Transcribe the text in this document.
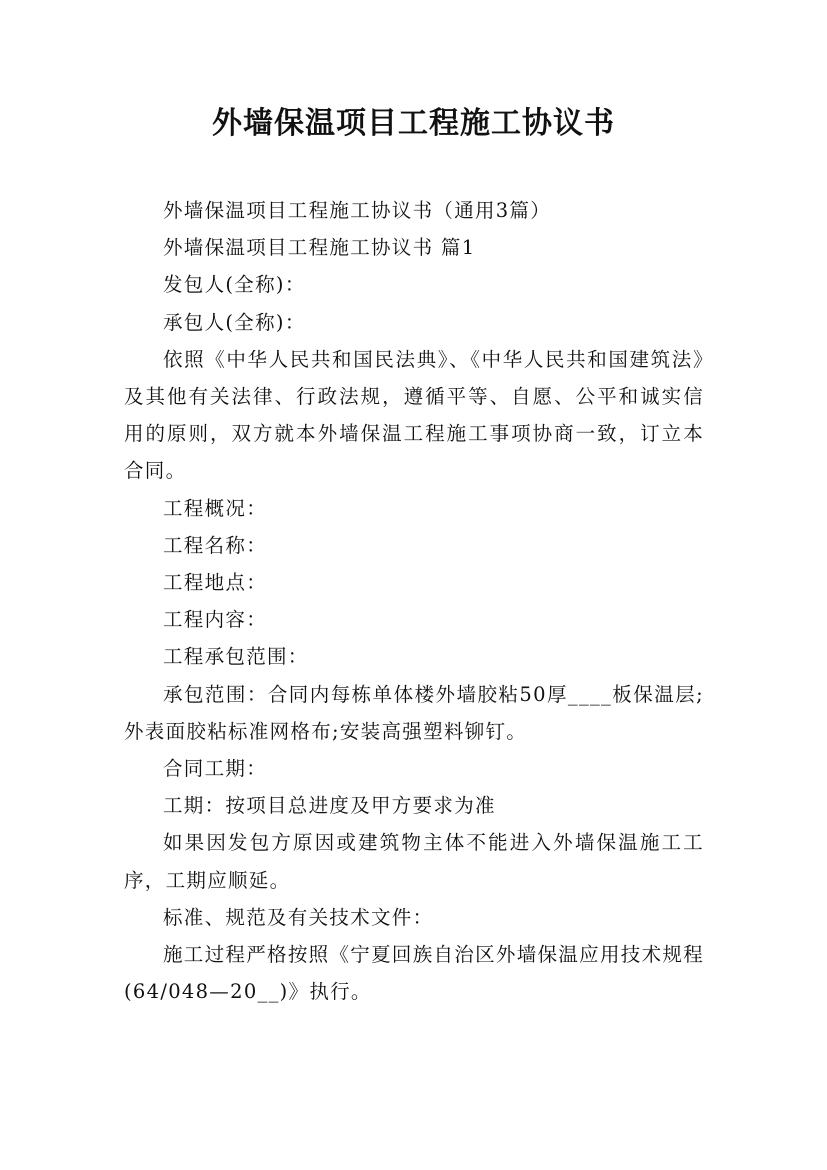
外墙保温项目工程施工协议书

外墙保温项目工程施工协议书（通用3篇）

外墙保温项目工程施工协议书 篇1

发包人(全称)：

承包人(全称)：

依照《中华人民共和国民法典》、《中华人民共和国建筑法》及其他有关法律、行政法规，遵循平等、自愿、公平和诚实信用的原则，双方就本外墙保温工程施工事项协商一致，订立本合同。

工程概况：

工程名称：

工程地点：

工程内容：

工程承包范围：

承包范围：合同内每栋单体楼外墙胶粘50厚____板保温层;外表面胶粘标准网格布;安装高强塑料铆钉。

合同工期：

工期：按项目总进度及甲方要求为准

如果因发包方原因或建筑物主体不能进入外墙保温施工工序，工期应顺延。

标准、规范及有关技术文件：

施工过程严格按照《宁夏回族自治区外墙保温应用技术规程(64/048—20__)》执行。
